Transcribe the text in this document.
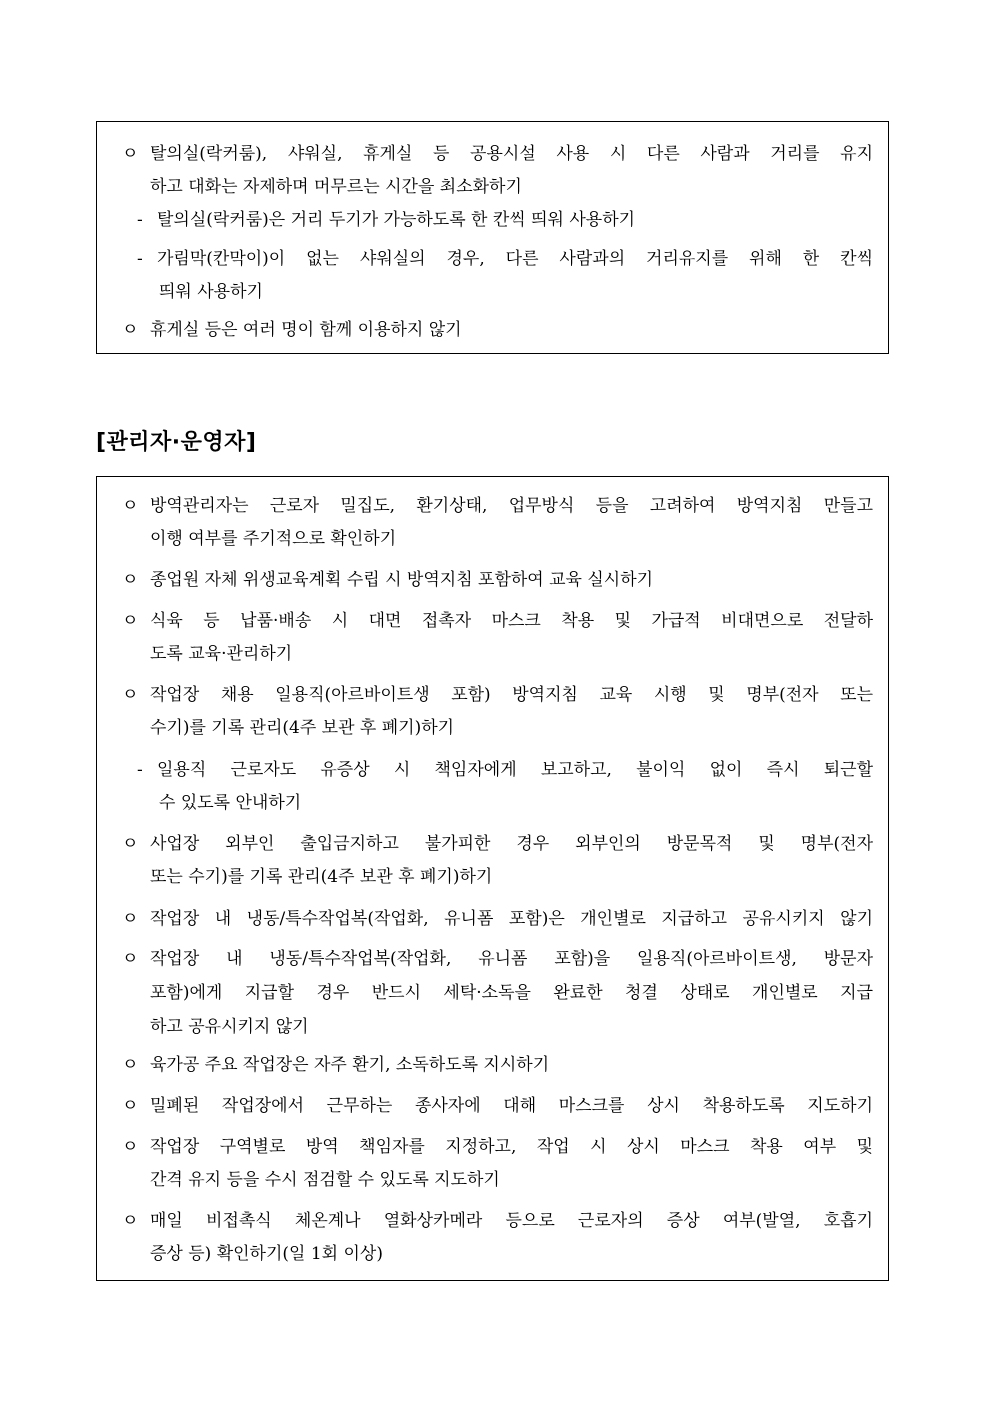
ㅇ 탈의실(락커룸), 샤워실, 휴게실 등 공용시설 사용 시 다른 사람과 거리를 유지
하고 대화는 자제하며 머무르는 시간을 최소화하기
- 탈의실(락커룸)은 거리 두기가 가능하도록 한 칸씩 띄워 사용하기
- 가림막(칸막이)이 없는 샤워실의 경우, 다른 사람과의 거리유지를 위해 한 칸씩
띄워 사용하기
ㅇ 휴게실 등은 여러 명이 함께 이용하지 않기
[관리자·운영자]
ㅇ 방역관리자는 근로자 밀집도, 환기상태, 업무방식 등을 고려하여 방역지침 만들고
이행 여부를 주기적으로 확인하기
ㅇ 종업원 자체 위생교육계획 수립 시 방역지침 포함하여 교육 실시하기
ㅇ 식육 등 납품·배송 시 대면 접촉자 마스크 착용 및 가급적 비대면으로 전달하
도록 교육·관리하기
ㅇ 작업장 채용 일용직(아르바이트생 포함) 방역지침 교육 시행 및 명부(전자 또는
수기)를 기록 관리(4주 보관 후 폐기)하기
- 일용직 근로자도 유증상 시 책임자에게 보고하고, 불이익 없이 즉시 퇴근할
수 있도록 안내하기
ㅇ 사업장 외부인 출입금지하고 불가피한 경우 외부인의 방문목적 및 명부(전자
또는 수기)를 기록 관리(4주 보관 후 폐기)하기
ㅇ 작업장 내 냉동/특수작업복(작업화, 유니폼 포함)은 개인별로 지급하고 공유시키지 않기
ㅇ 작업장 내 냉동/특수작업복(작업화, 유니폼 포함)을 일용직(아르바이트생, 방문자
포함)에게 지급할 경우 반드시 세탁·소독을 완료한 청결 상태로 개인별로 지급
하고 공유시키지 않기
ㅇ 육가공 주요 작업장은 자주 환기, 소독하도록 지시하기
ㅇ 밀폐된 작업장에서 근무하는 종사자에 대해 마스크를 상시 착용하도록 지도하기
ㅇ 작업장 구역별로 방역 책임자를 지정하고, 작업 시 상시 마스크 착용 여부 및
간격 유지 등을 수시 점검할 수 있도록 지도하기
ㅇ 매일 비접촉식 체온계나 열화상카메라 등으로 근로자의 증상 여부(발열, 호흡기
증상 등) 확인하기(일 1회 이상)
